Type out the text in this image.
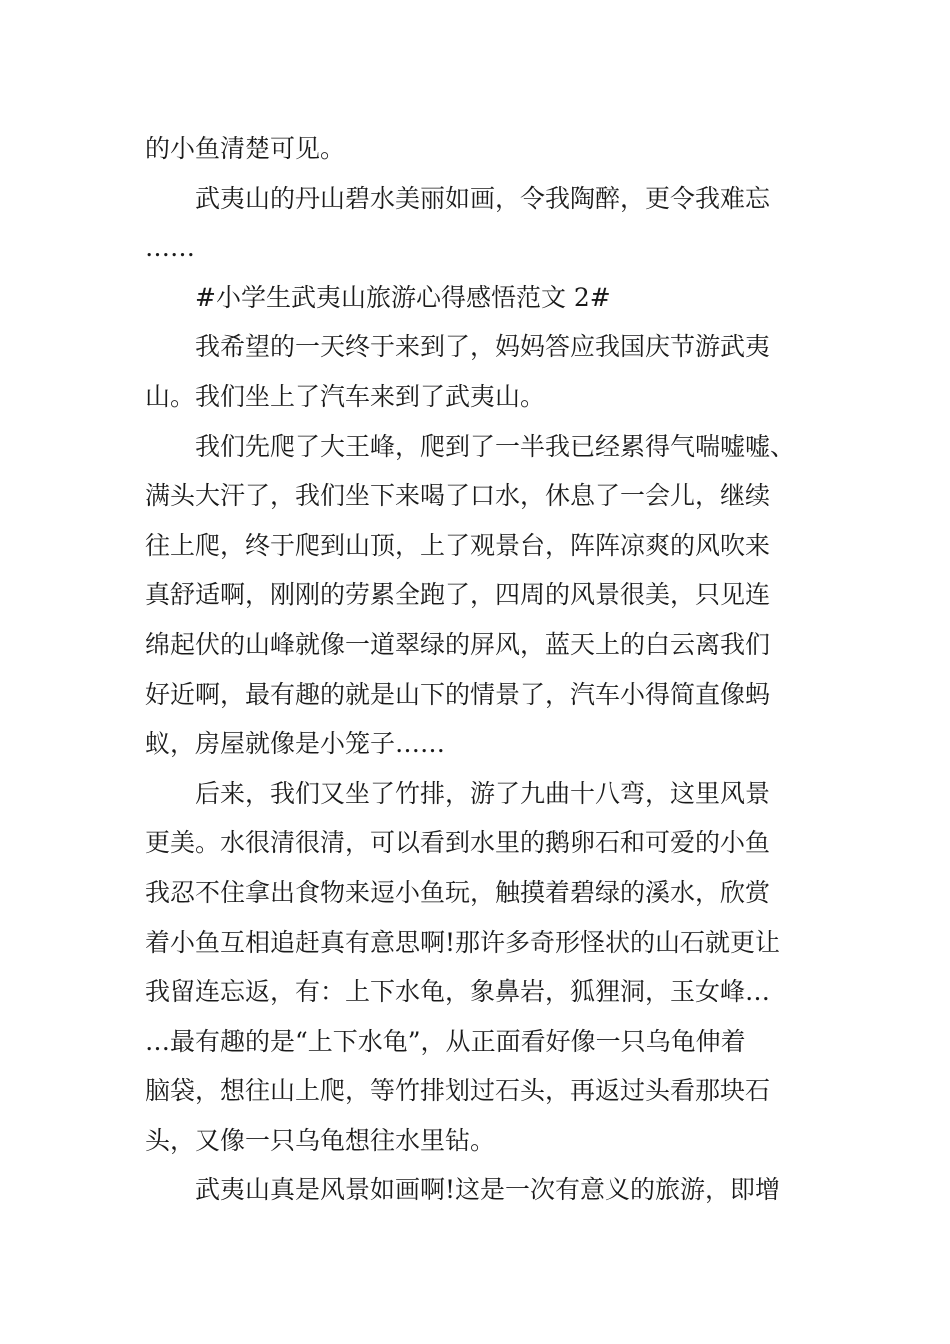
的小鱼清楚可见。
武夷山的丹山碧水美丽如画，令我陶醉，更令我难忘
……
#小学生武夷山旅游心得感悟范文 2#
我希望的一天终于来到了，妈妈答应我国庆节游武夷
山。我们坐上了汽车来到了武夷山。
我们先爬了大王峰，爬到了一半我已经累得气喘嘘嘘、
满头大汗了，我们坐下来喝了口水，休息了一会儿，继续
往上爬，终于爬到山顶，上了观景台，阵阵凉爽的风吹来
真舒适啊，刚刚的劳累全跑了，四周的风景很美，只见连
绵起伏的山峰就像一道翠绿的屏风，蓝天上的白云离我们
好近啊，最有趣的就是山下的情景了，汽车小得简直像蚂
蚁，房屋就像是小笼子……
后来，我们又坐了竹排，游了九曲十八弯，这里风景
更美。水很清很清，可以看到水里的鹅卵石和可爱的小鱼
我忍不住拿出食物来逗小鱼玩，触摸着碧绿的溪水，欣赏
着小鱼互相追赶真有意思啊!那许多奇形怪状的山石就更让
我留连忘返，有：上下水龟，象鼻岩，狐狸洞，玉女峰…
…最有趣的是“上下水龟”，从正面看好像一只乌龟伸着
脑袋，想往山上爬，等竹排划过石头，再返过头看那块石
头，又像一只乌龟想往水里钻。
武夷山真是风景如画啊!这是一次有意义的旅游，即增
